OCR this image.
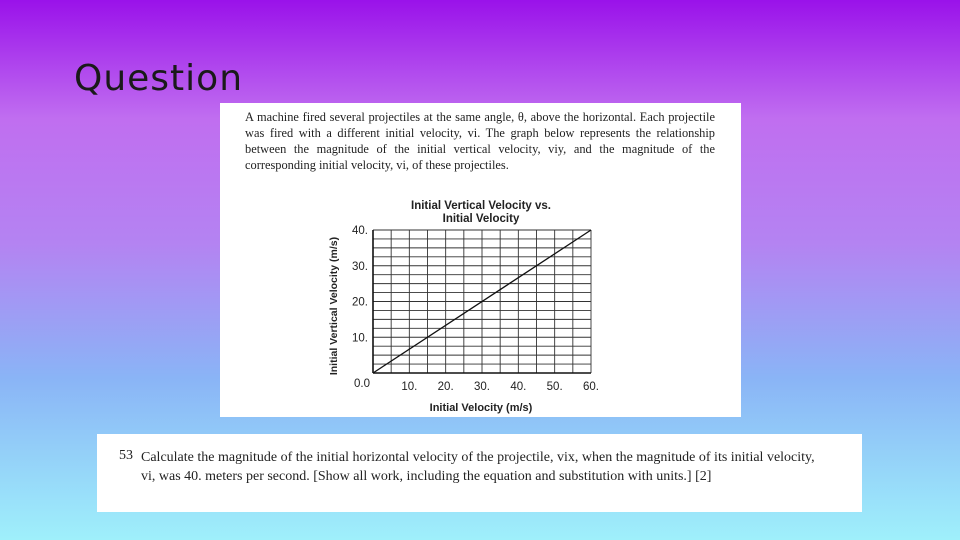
Question

A machine fired several projectiles at the same angle, θ, above the horizontal. Each projectile was fired with a different initial velocity, vi. The graph below represents the relationship between the magnitude of the initial vertical velocity, viy, and the magnitude of the corresponding initial velocity, vi, of these projectiles.

Initial Vertical Velocity vs.
Initial Velocity
10. 20. 30. 40. 50. 60.
10.
20.
30.
40.
0.0
Initial Velocity (m/s)
Initial Vertical Velocity (m/s)
53 Calculate the magnitude of the initial horizontal velocity of the projectile, vix, when the magnitude of its initial velocity, vi, was 40. meters per second. [Show all work, including the equation and substitution with units.] [2]
